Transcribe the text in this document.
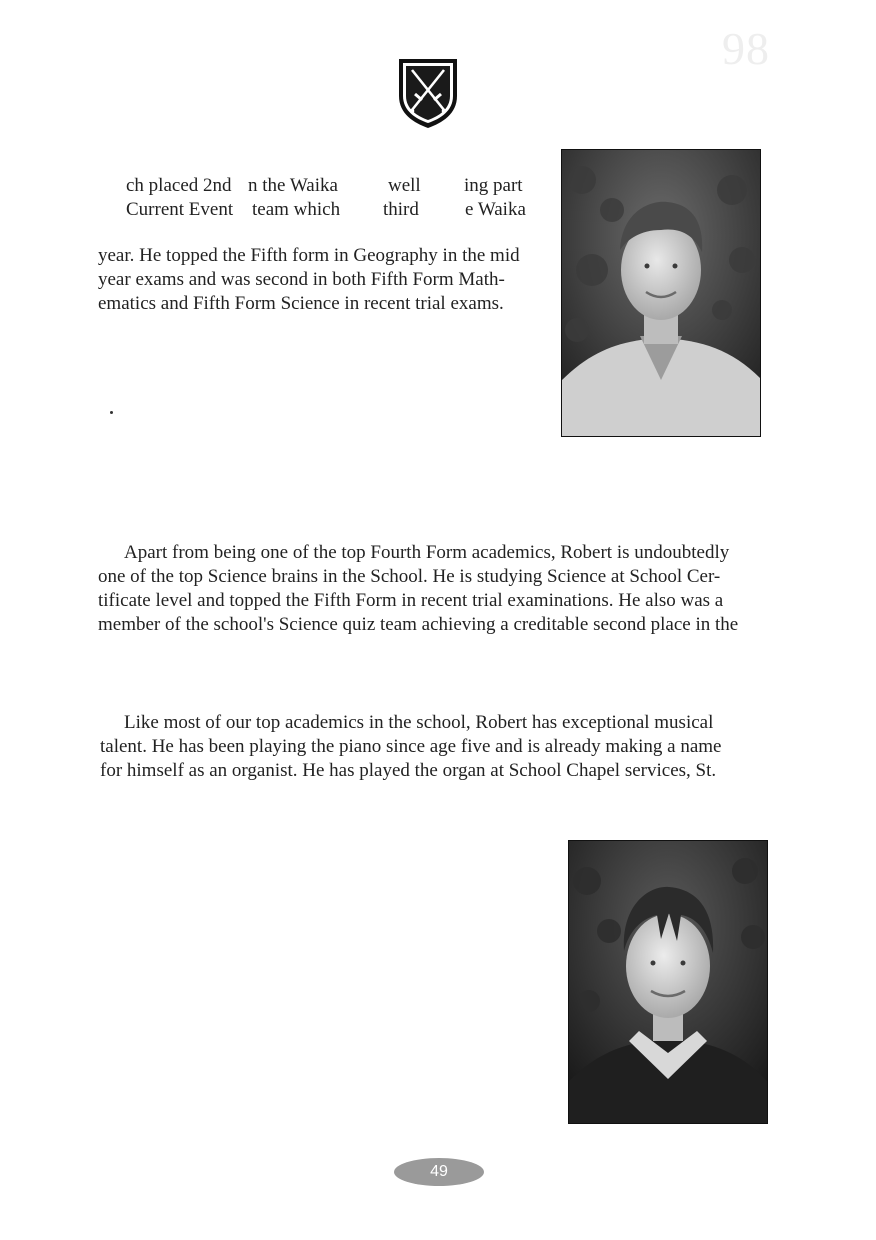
98
ch placed 2nd n the Waika	well ing part
Current Event team which third e Waika
year. He topped the Fifth form in Geography in the mid
year exams and was second in both Fifth Form Math-
ematics and Fifth Form Science in recent trial exams.
Apart from being one of the top Fourth Form academics, Robert is undoubtedly
one of the top Science brains in the School. He is studying Science at School Cer-
tificate level and topped the Fifth Form in recent trial examinations. He also was a
member of the school's Science quiz team achieving a creditable second place in the
Like most of our top academics in the school, Robert has exceptional musical
talent. He has been playing the piano since age five and is already making a name
for himself as an organist. He has played the organ at School Chapel services, St.
49
